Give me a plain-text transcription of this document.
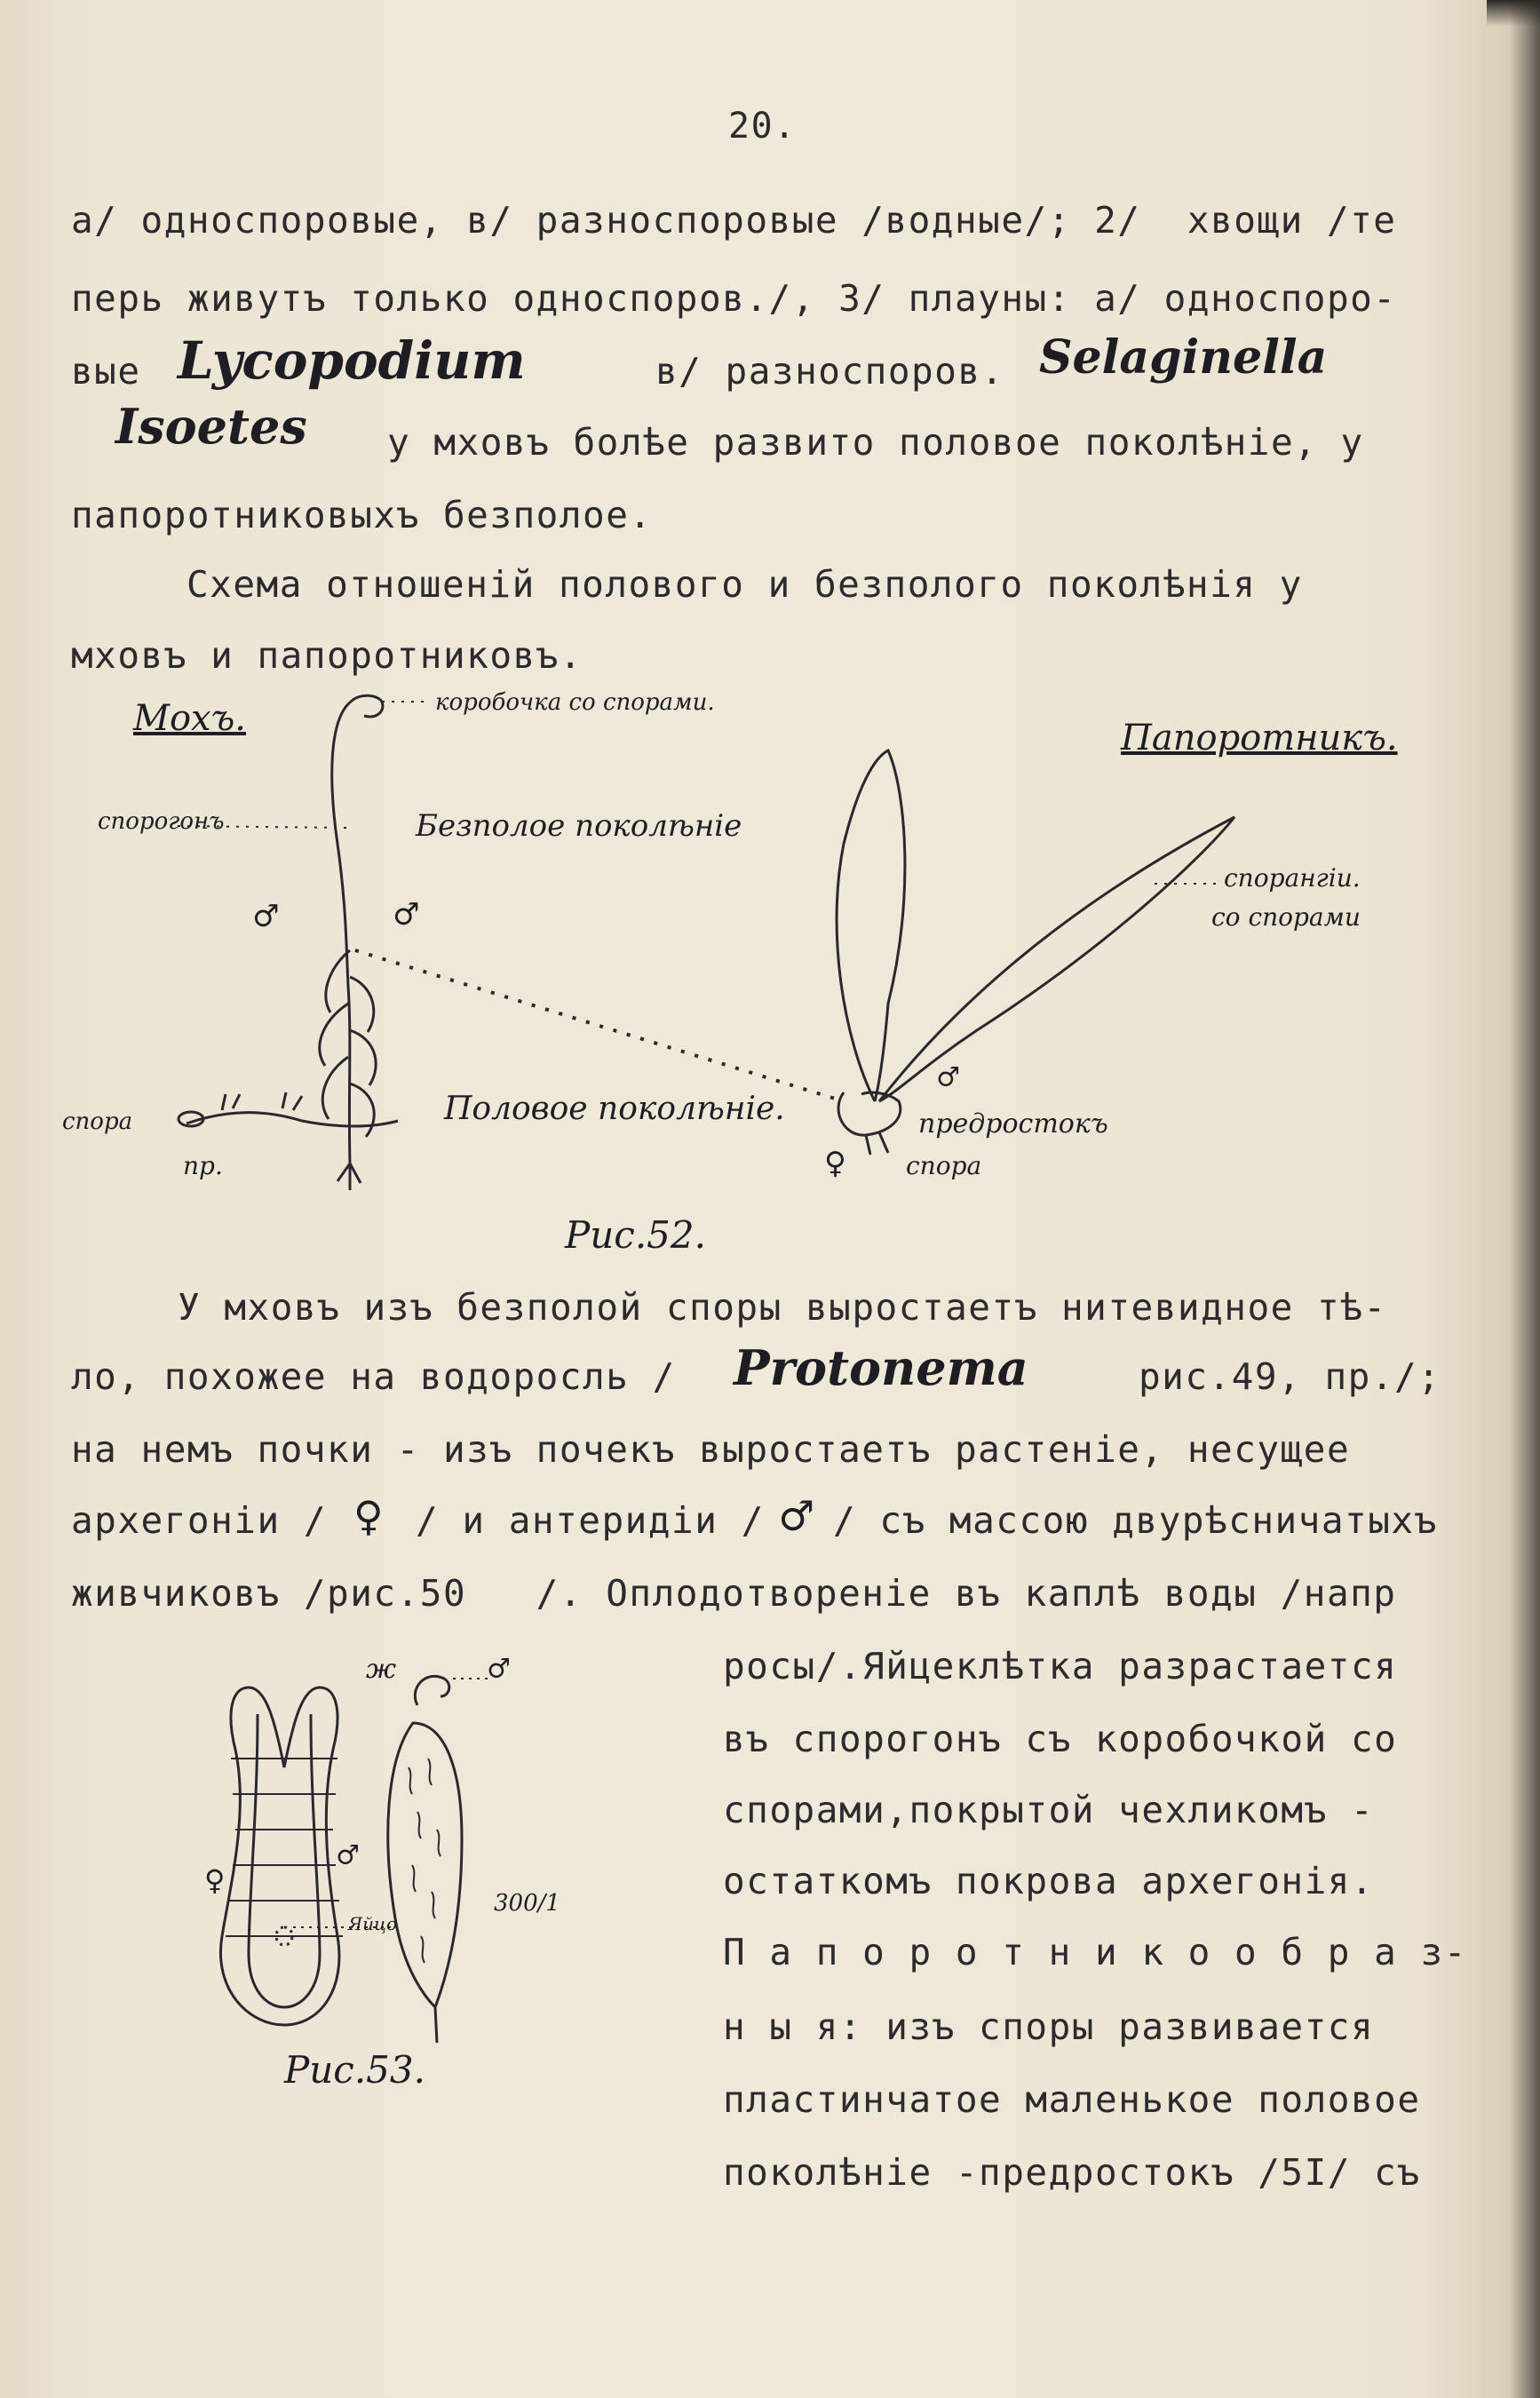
20.
а/ односпоровые, в/ разноспоровые /водные/; 2/  хвощи /те
перь живутъ только односпоров./, 3/ плауны: а/ односпоро-
вые Lycopodium	в/ разноспоров. Selaginella
Isoetes у мховъ болѣе развито половое поколѣніе, у
папоротниковыхъ безполое.
Схема отношенiй полового и безполого поколѣнія у
мховъ и папоротниковъ.
Мохъ.	коробочка со спорами.
спорогонъ	Безполое поколѣніе
♂	♂
Папоротникъ.
спорангіи.
со спорами
спора
пр.
Половое поколѣніе.
♂
предростокъ
♀ спора
Рис.52.
У мховъ изъ безполой споры выростаетъ нитевидное тѣ-
ло, похожее на водоросль / Protonema	рис.49, пр./;
на немъ почки - изъ почекъ выростаетъ растеніе, несущее
архегоніи / ♀ / и антеридіи / ♂ / съ массою двурѣсничатыхъ
живчиковъ /рис.50   /. Оплодотвореніе въ каплѣ воды /напр
ж	♂
♂
♀
Яйцо
300/1
Рис.53.
росы/.Яйцеклѣтка разрастается
въ спорогонъ съ коробочкой со
спорами,покрытой чехликомъ -
остаткомъ покрова архегонія.
П а п о р о т н и к о о б р а з-
н ы я: изъ споры развивается
пластинчатое маленькое половое
поколѣніе -предростокъ /5I/ съ
